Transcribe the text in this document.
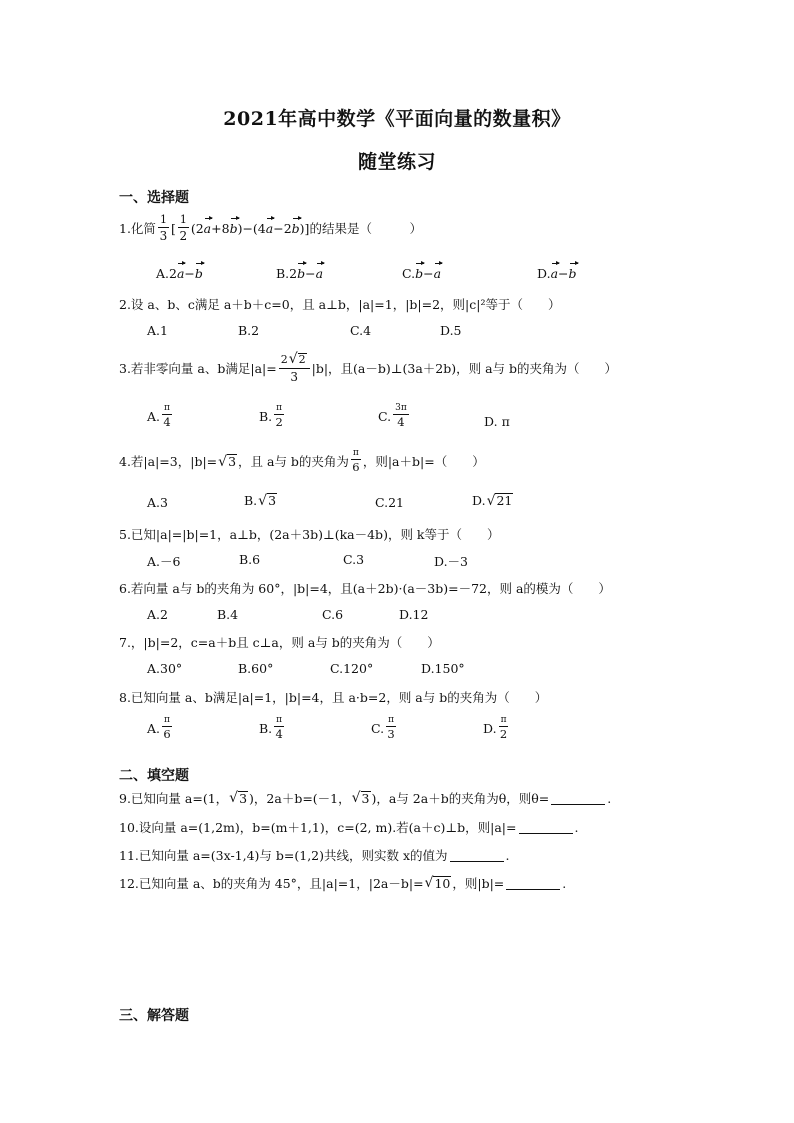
2021年高中数学《平面向量的数量积》
随堂练习
一、选择题
1.化简 $\frac{1}{3}$ [ $\frac{1}{2} (2$ a +8 b )−(4 a −2 b )] 的结果是（　　　）
A. 2 a − b	B. 2 b − a	C. b − a	D. a − b
2.设 a、b、c满足 a＋b＋c=0，且 a⊥b，|a|=1，|b|=2，则|c|²等于（　　）
A.1	B.2	C.4	D.5
3.若非零向量 a、b满足$|a|= \frac{2 √ 2}{3} |b|$，且(a－b)⊥(3a＋2b)，则 a与 b的夹角为（　　）
A. $\frac{\pi}{4}$	B. $\frac{\pi}{2}$	C. $\frac{3\pi}{4}$	D. π
4.若|a|=3，|b|= √ 3 ，且 a与 b的夹角为 $\frac{\pi}{6}$ ，则|a＋b|=（　　）
A.3	B. √ 3	C.21	D. √ 21
5.已知|a|=|b|=1，a⊥b，(2a＋3b)⊥(ka－4b)，则 k等于（　　）
A.－6	B.6	C.3	D.－3
6.若向量 a与 b的夹角为 60°，|b|=4，且(a＋2b)·(a－3b)=－72，则 a的模为（　　）
A.2	B.4	C.6	D.12
7.，|b|=2，c=a＋b且 c⊥a，则 a与 b的夹角为（　　）
A.30°	B.60°	C.120°	D.150°
8.已知向量 a、b满足|a|=1，|b|=4，且 a·b=2，则 a与 b的夹角为（　　）
A. $\frac{\pi}{6}$	B. $\frac{\pi}{4}$	C. $\frac{\pi}{3}$	D. $\frac{\pi}{2}$
二、填空题
9.已知向量 a=(1， √ 3 )，2a＋b=(－1， √ 3 )，a与 2a＋b的夹角为θ，则θ=	.
10.设向量 a=(1,2m)，b=(m＋1,1)，c=(2, m).若(a＋c)⊥b，则|a|=	.
11.已知向量 a=(3x-1,4)与 b=(1,2)共线，则实数 x的值为	.
12.已知向量 a、b的夹角为 45°，且|a|=1，|2a－b|= √ 10 ，则|b|=	.
三、解答题
